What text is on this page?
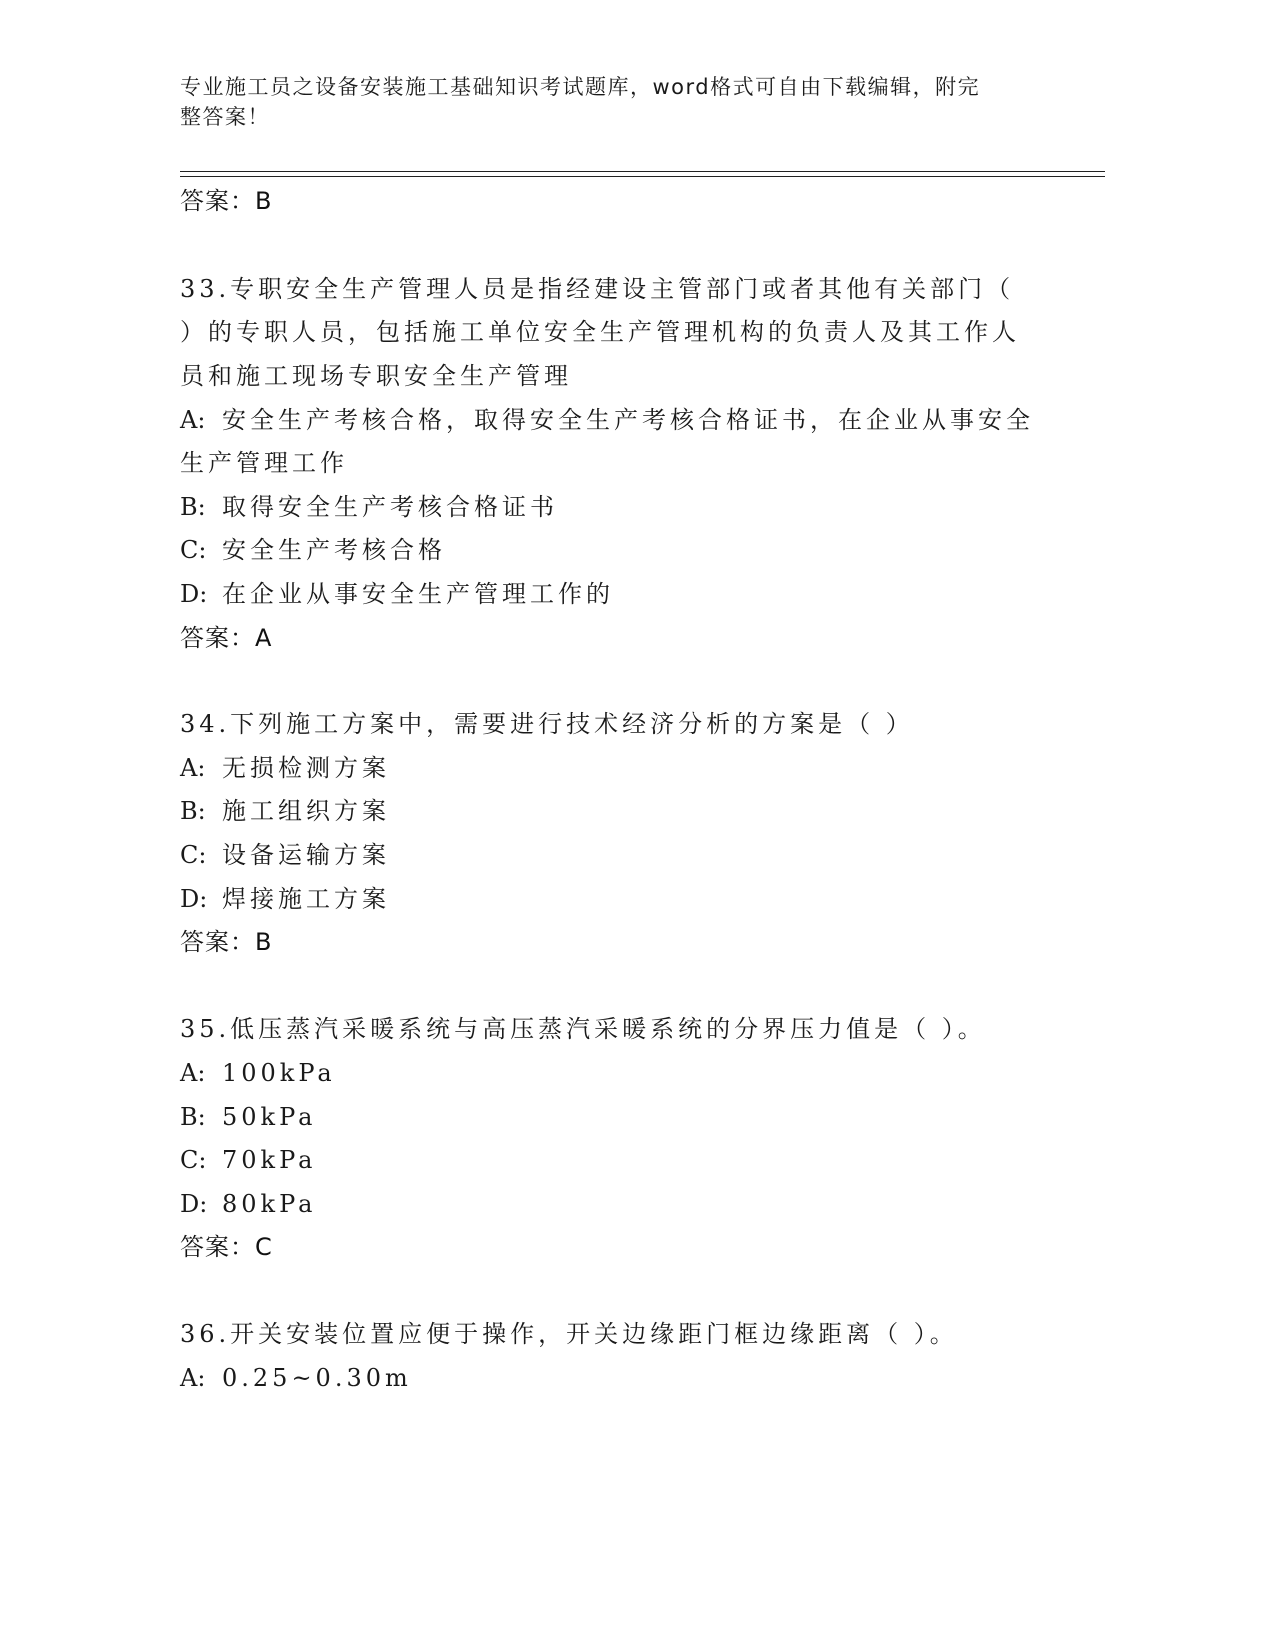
专业施工员之设备安装施工基础知识考试题库，word格式可自由下载编辑，附完
整答案！
答案：B
33.专职安全生产管理人员是指经建设主管部门或者其他有关部门（
）的专职人员，包括施工单位安全生产管理机构的负责人及其工作人
员和施工现场专职安全生产管理
A: 安全生产考核合格，取得安全生产考核合格证书，在企业从事安全
生产管理工作
B: 取得安全生产考核合格证书
C: 安全生产考核合格
D: 在企业从事安全生产管理工作的
答案：A
34.下列施工方案中，需要进行技术经济分析的方案是（ ）
A: 无损检测方案
B: 施工组织方案
C: 设备运输方案
D: 焊接施工方案
答案：B
35.低压蒸汽采暖系统与高压蒸汽采暖系统的分界压力值是（ ）。
A: 100kPa
B: 50kPa
C: 70kPa
D: 80kPa
答案：C
36.开关安装位置应便于操作，开关边缘距门框边缘距离（ ）。
A: 0.25~0.30m
